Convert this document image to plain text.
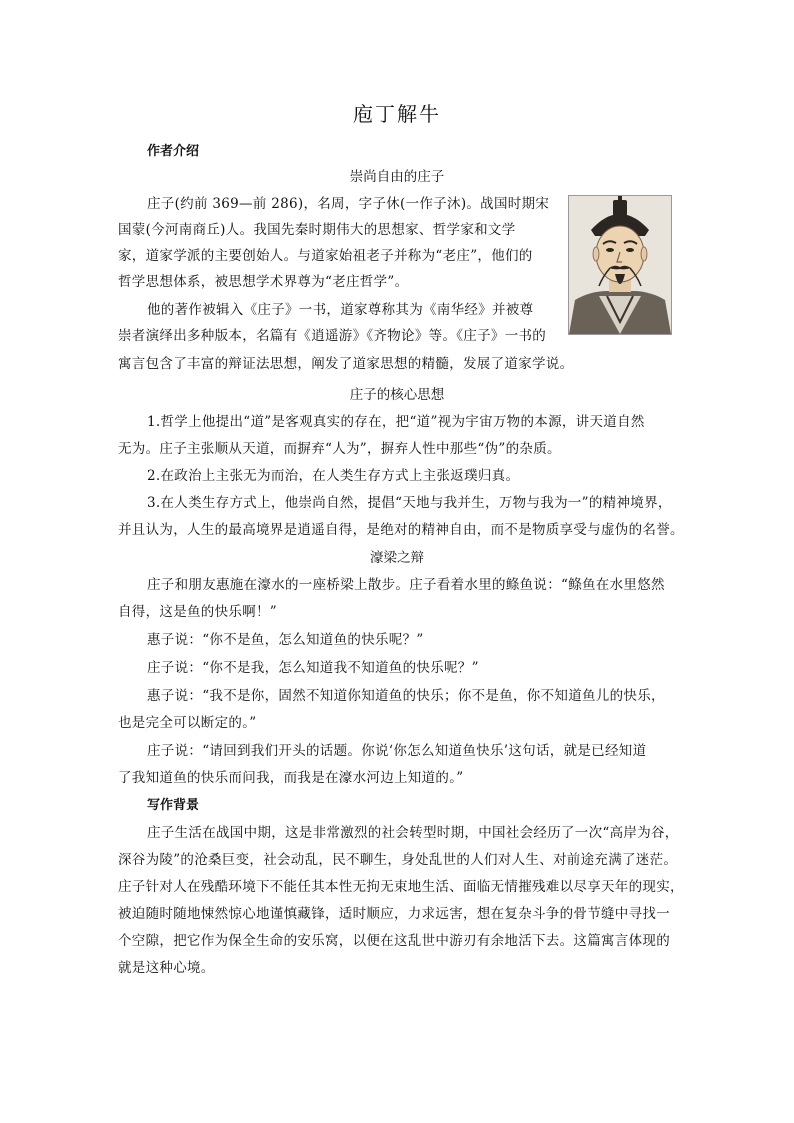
庖丁解牛
作者介绍
崇尚自由的庄子
庄子(约前 369—前 286)，名周，字子休(一作子沐)。战国时期宋
国蒙(今河南商丘)人。我国先秦时期伟大的思想家、哲学家和文学
家，道家学派的主要创始人。与道家始祖老子并称为“老庄”，他们的
哲学思想体系，被思想学术界尊为“老庄哲学”。
他的著作被辑入《庄子》一书，道家尊称其为《南华经》并被尊
崇者演绎出多种版本，名篇有《逍遥游》《齐物论》等。《庄子》一书的
寓言包含了丰富的辩证法思想，阐发了道家思想的精髓，发展了道家学说。
庄子的核心思想
1.哲学上他提出“道”是客观真实的存在，把“道”视为宇宙万物的本源，讲天道自然
无为。庄子主张顺从天道，而摒弃“人为”，摒弃人性中那些“伪”的杂质。
2.在政治上主张无为而治，在人类生存方式上主张返璞归真。
3.在人类生存方式上，他崇尚自然，提倡“天地与我并生，万物与我为一”的精神境界，
并且认为，人生的最高境界是逍遥自得，是绝对的精神自由，而不是物质享受与虚伪的名誉。
濠梁之辩
庄子和朋友惠施在濠水的一座桥梁上散步。庄子看着水里的鲦鱼说：“鲦鱼在水里悠然
自得，这是鱼的快乐啊！”
惠子说：“你不是鱼，怎么知道鱼的快乐呢？”
庄子说：“你不是我，怎么知道我不知道鱼的快乐呢？”
惠子说：“我不是你，固然不知道你知道鱼的快乐；你不是鱼，你不知道鱼儿的快乐，
也是完全可以断定的。”
庄子说：“请回到我们开头的话题。你说‘你怎么知道鱼快乐’这句话，就是已经知道
了我知道鱼的快乐而问我，而我是在濠水河边上知道的。”
写作背景
庄子生活在战国中期，这是非常激烈的社会转型时期，中国社会经历了一次“高岸为谷，
深谷为陵”的沧桑巨变，社会动乱，民不聊生，身处乱世的人们对人生、对前途充满了迷茫。
庄子针对人在残酷环境下不能任其本性无拘无束地生活、面临无情摧残难以尽享天年的现实，
被迫随时随地悚然惊心地谨慎藏锋，适时顺应，力求远害，想在复杂斗争的骨节缝中寻找一
个空隙，把它作为保全生命的安乐窝，以便在这乱世中游刃有余地活下去。这篇寓言体现的
就是这种心境。
